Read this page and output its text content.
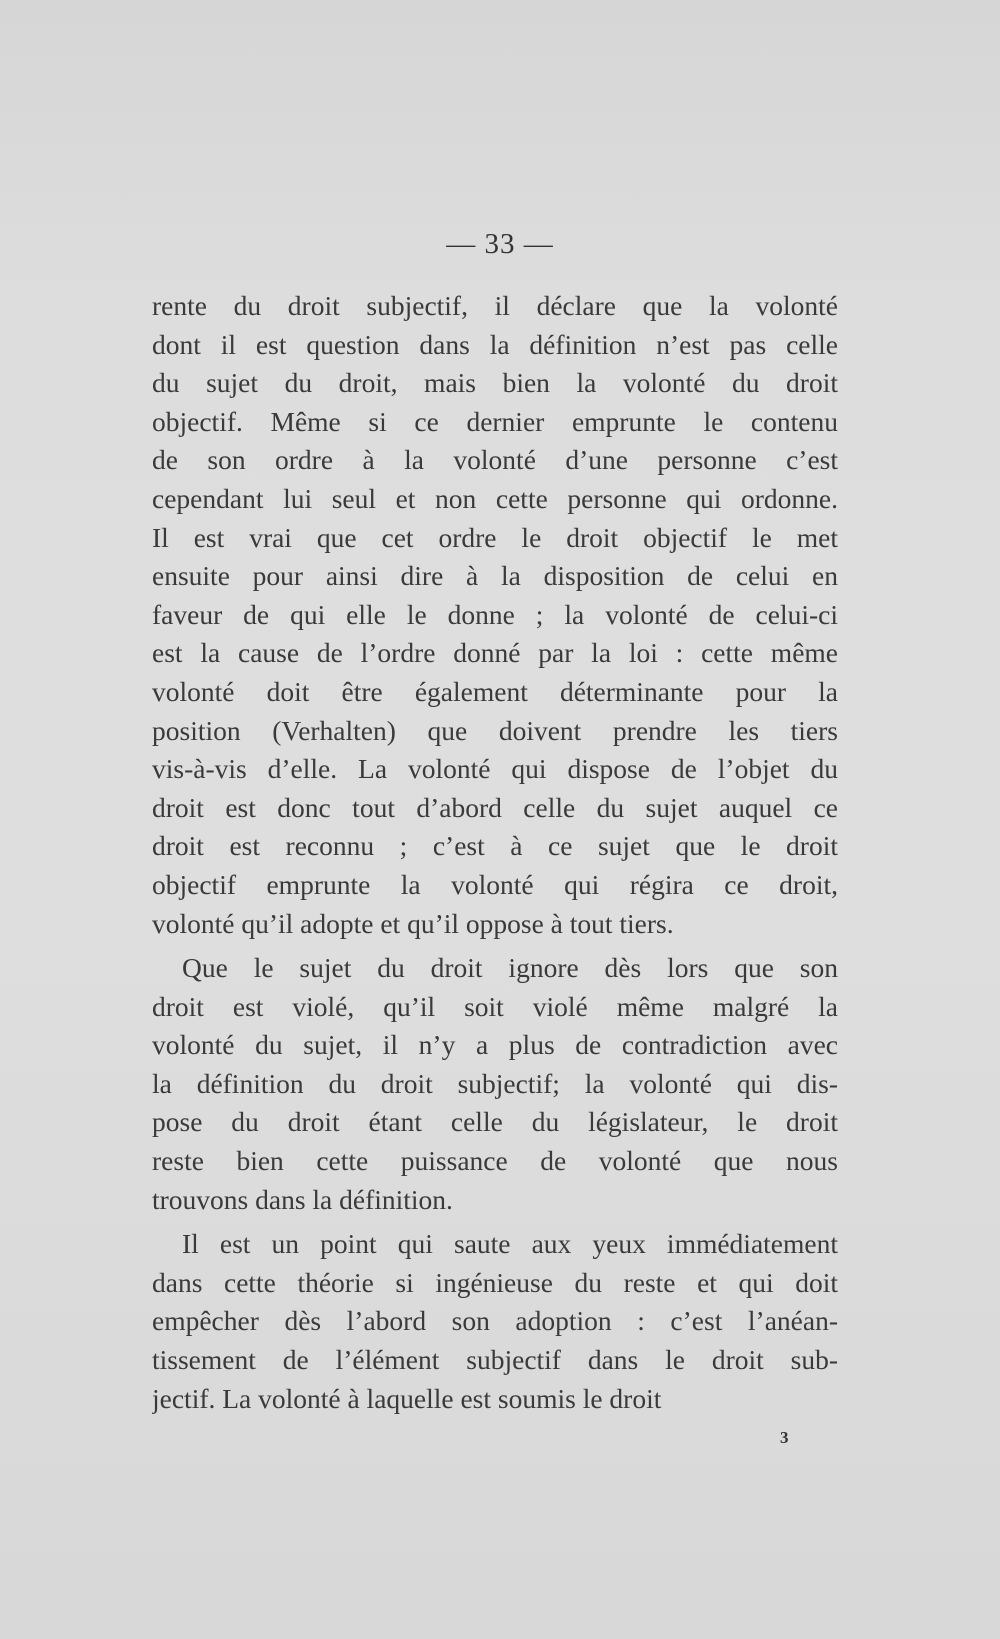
— 33 —
rente du droit subjectif, il déclare que la volonté
dont il est question dans la définition n’est pas celle
du sujet du droit, mais bien la volonté du droit
objectif. Même si ce dernier emprunte le contenu
de son ordre à la volonté d’une personne c’est
cependant lui seul et non cette personne qui ordonne.
Il est vrai que cet ordre le droit objectif le met
ensuite pour ainsi dire à la disposition de celui en
faveur de qui elle le donne ; la volonté de celui-ci
est la cause de l’ordre donné par la loi : cette même
volonté doit être également déterminante pour la
position (Verhalten) que doivent prendre les tiers
vis-à-vis d’elle. La volonté qui dispose de l’objet du
droit est donc tout d’abord celle du sujet auquel ce
droit est reconnu ; c’est à ce sujet que le droit
objectif emprunte la volonté qui régira ce droit,
volonté qu’il adopte et qu’il oppose à tout tiers.
Que le sujet du droit ignore dès lors que son
droit est violé, qu’il soit violé même malgré la
volonté du sujet, il n’y a plus de contradiction avec
la définition du droit subjectif; la volonté qui dis-
pose du droit étant celle du législateur, le droit
reste bien cette puissance de volonté que nous
trouvons dans la définition.
Il est un point qui saute aux yeux immédiatement
dans cette théorie si ingénieuse du reste et qui doit
empêcher dès l’abord son adoption : c’est l’anéan-
tissement de l’élément subjectif dans le droit sub-
jectif. La volonté à laquelle est soumis le droit
3
